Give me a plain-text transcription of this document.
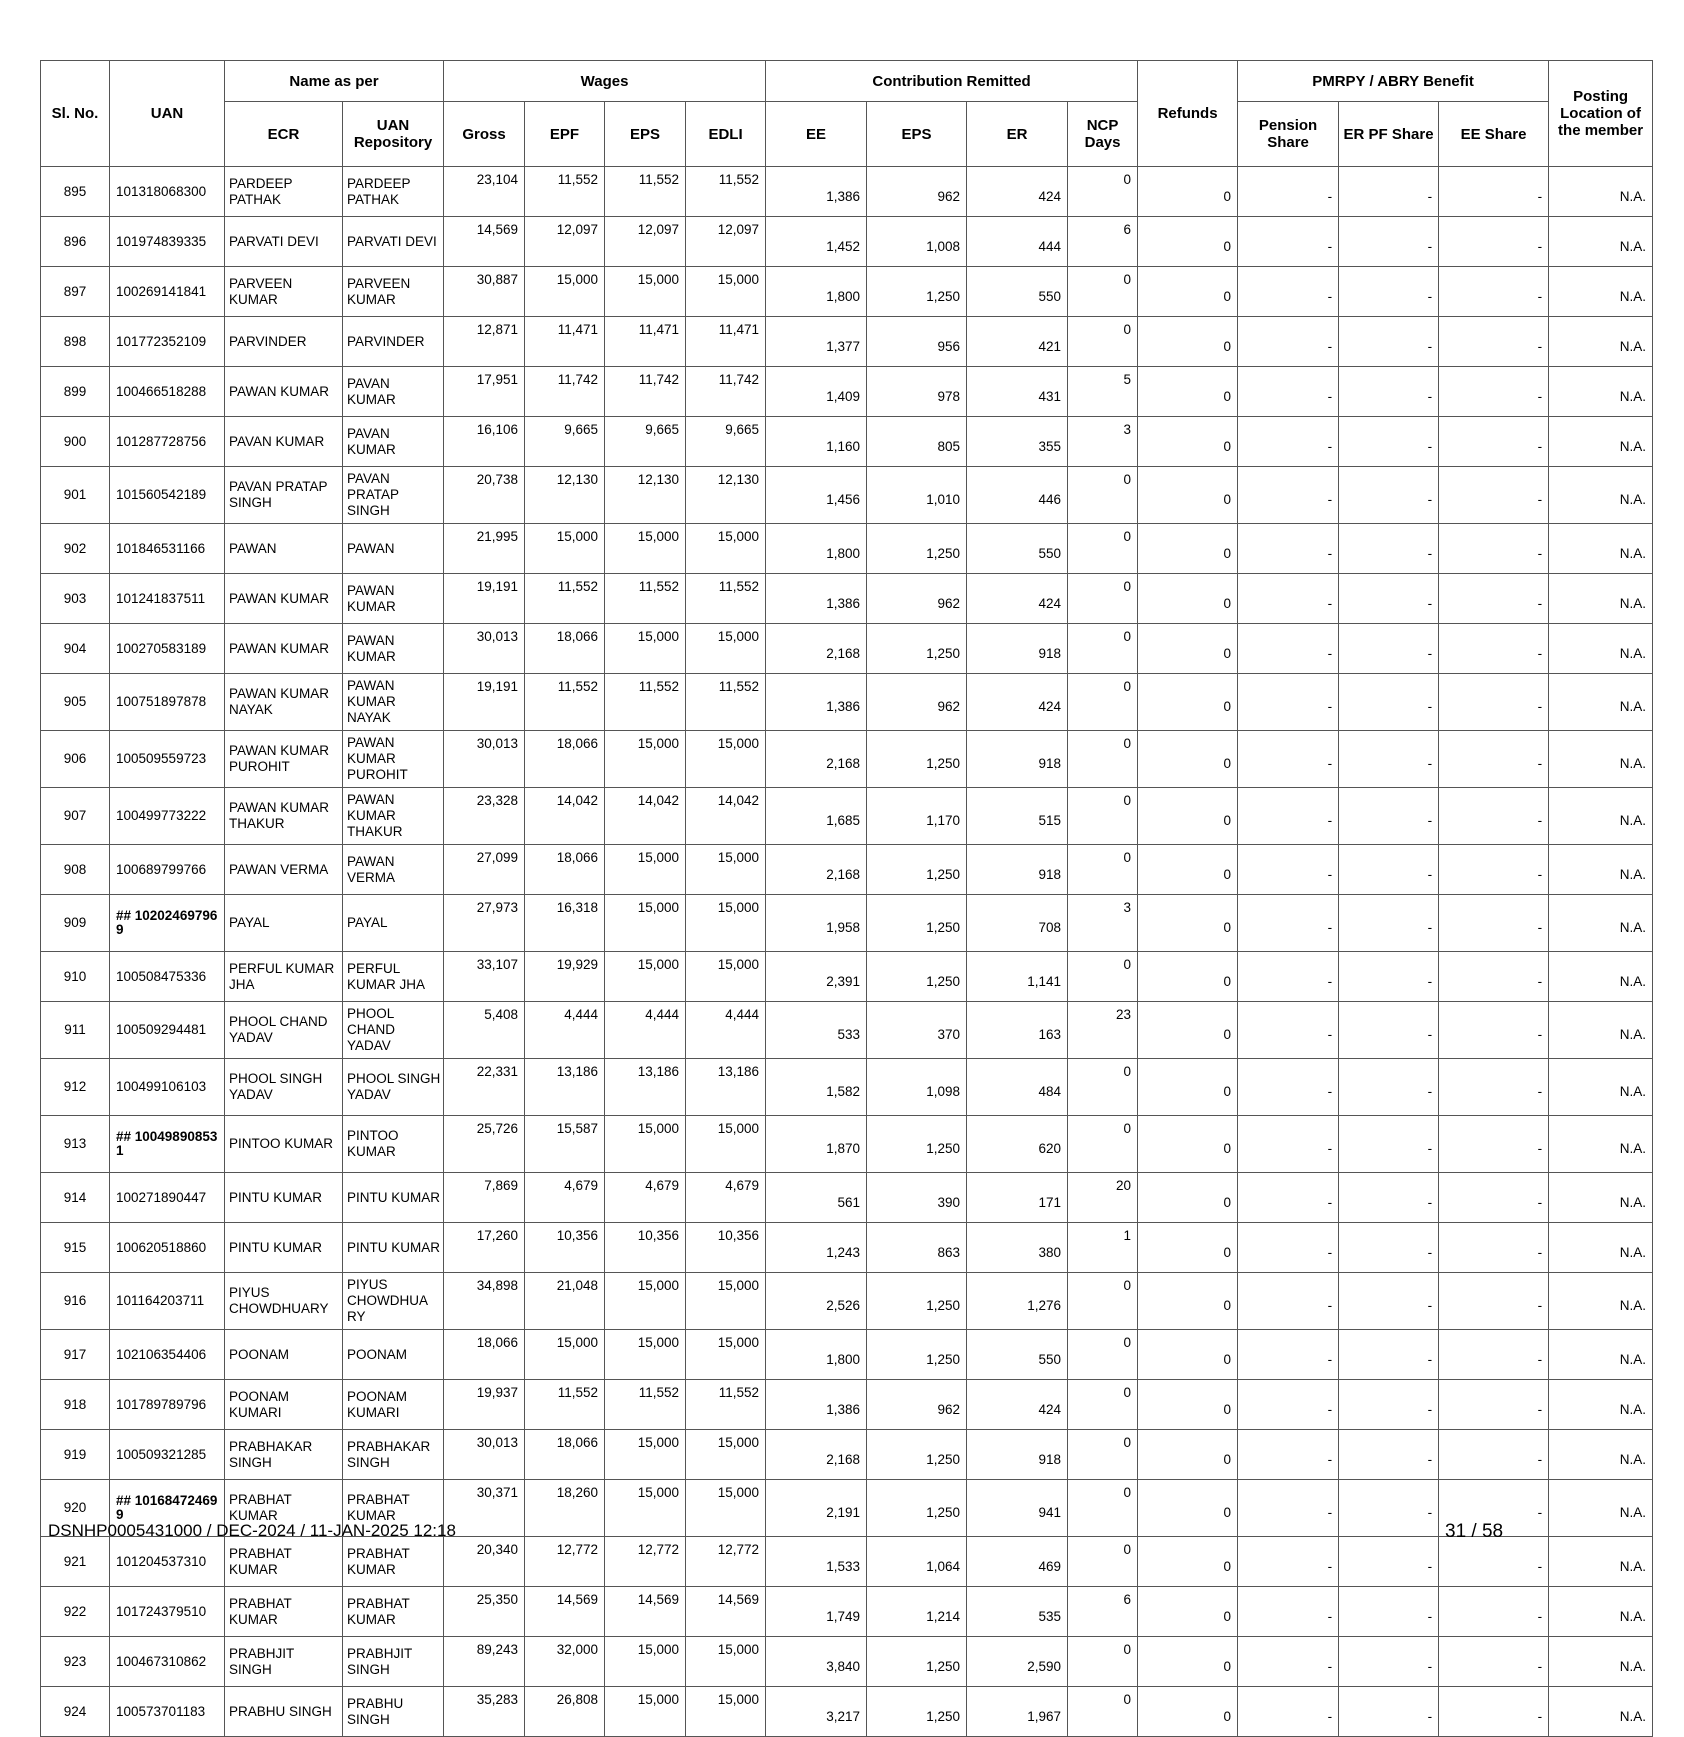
Sl. No.	UAN	Name as per		Wages				Contribution Remitted				Refunds	PMRPY / ABRY Benefit			Posting Location of the member
		ECR	UAN Repository	Gross	EPF	EPS	EDLI	EE	EPS	ER	NCP Days		Pension Share	ER PF Share	EE Share	
895	101318068300	PARDEEP PATHAK	PARDEEP PATHAK	23,104	11,552	11,552	11,552	1,386	962	424	0	0	-	-	-	N.A.
896	101974839335	PARVATI DEVI	PARVATI DEVI	14,569	12,097	12,097	12,097	1,452	1,008	444	6	0	-	-	-	N.A.
897	100269141841	PARVEEN KUMAR	PARVEEN KUMAR	30,887	15,000	15,000	15,000	1,800	1,250	550	0	0	-	-	-	N.A.
898	101772352109	PARVINDER	PARVINDER	12,871	11,471	11,471	11,471	1,377	956	421	0	0	-	-	-	N.A.
899	100466518288	PAWAN KUMAR	PAVAN KUMAR	17,951	11,742	11,742	11,742	1,409	978	431	5	0	-	-	-	N.A.
900	101287728756	PAVAN KUMAR	PAVAN KUMAR	16,106	9,665	9,665	9,665	1,160	805	355	3	0	-	-	-	N.A.
901	101560542189	PAVAN PRATAP SINGH	PAVAN PRATAP SINGH	20,738	12,130	12,130	12,130	1,456	1,010	446	0	0	-	-	-	N.A.
902	101846531166	PAWAN	PAWAN	21,995	15,000	15,000	15,000	1,800	1,250	550	0	0	-	-	-	N.A.
903	101241837511	PAWAN KUMAR	PAWAN KUMAR	19,191	11,552	11,552	11,552	1,386	962	424	0	0	-	-	-	N.A.
904	100270583189	PAWAN KUMAR	PAWAN KUMAR	30,013	18,066	15,000	15,000	2,168	1,250	918	0	0	-	-	-	N.A.
905	100751897878	PAWAN KUMAR NAYAK	PAWAN KUMAR NAYAK	19,191	11,552	11,552	11,552	1,386	962	424	0	0	-	-	-	N.A.
906	100509559723	PAWAN KUMAR PUROHIT	PAWAN KUMAR PUROHIT	30,013	18,066	15,000	15,000	2,168	1,250	918	0	0	-	-	-	N.A.
907	100499773222	PAWAN KUMAR THAKUR	PAWAN KUMAR THAKUR	23,328	14,042	14,042	14,042	1,685	1,170	515	0	0	-	-	-	N.A.
908	100689799766	PAWAN VERMA	PAWAN VERMA	27,099	18,066	15,000	15,000	2,168	1,250	918	0	0	-	-	-	N.A.
909	## 10202469796 9	PAYAL	PAYAL	27,973	16,318	15,000	15,000	1,958	1,250	708	3	0	-	-	-	N.A.
910	100508475336	PERFUL KUMAR JHA	PERFUL KUMAR JHA	33,107	19,929	15,000	15,000	2,391	1,250	1,141	0	0	-	-	-	N.A.
911	100509294481	PHOOL CHAND YADAV	PHOOL CHAND YADAV	5,408	4,444	4,444	4,444	533	370	163	23	0	-	-	-	N.A.
912	100499106103	PHOOL SINGH YADAV	PHOOL SINGH YADAV	22,331	13,186	13,186	13,186	1,582	1,098	484	0	0	-	-	-	N.A.
913	## 10049890853 1	PINTOO KUMAR	PINTOO KUMAR	25,726	15,587	15,000	15,000	1,870	1,250	620	0	0	-	-	-	N.A.
914	100271890447	PINTU KUMAR	PINTU KUMAR	7,869	4,679	4,679	4,679	561	390	171	20	0	-	-	-	N.A.
915	100620518860	PINTU KUMAR	PINTU KUMAR	17,260	10,356	10,356	10,356	1,243	863	380	1	0	-	-	-	N.A.
916	101164203711	PIYUS CHOWDHUARY	PIYUS CHOWDHUA RY	34,898	21,048	15,000	15,000	2,526	1,250	1,276	0	0	-	-	-	N.A.
917	102106354406	POONAM	POONAM	18,066	15,000	15,000	15,000	1,800	1,250	550	0	0	-	-	-	N.A.
918	101789789796	POONAM KUMARI	POONAM KUMARI	19,937	11,552	11,552	11,552	1,386	962	424	0	0	-	-	-	N.A.
919	100509321285	PRABHAKAR SINGH	PRABHAKAR SINGH	30,013	18,066	15,000	15,000	2,168	1,250	918	0	0	-	-	-	N.A.
920	## 10168472469 9	PRABHAT KUMAR	PRABHAT KUMAR	30,371	18,260	15,000	15,000	2,191	1,250	941	0	0	-	-	-	N.A.
921	101204537310	PRABHAT KUMAR	PRABHAT KUMAR	20,340	12,772	12,772	12,772	1,533	1,064	469	0	0	-	-	-	N.A.
922	101724379510	PRABHAT KUMAR	PRABHAT KUMAR	25,350	14,569	14,569	14,569	1,749	1,214	535	6	0	-	-	-	N.A.
923	100467310862	PRABHJIT SINGH	PRABHJIT SINGH	89,243	32,000	15,000	15,000	3,840	1,250	2,590	0	0	-	-	-	N.A.
924	100573701183	PRABHU SINGH	PRABHU SINGH	35,283	26,808	15,000	15,000	3,217	1,250	1,967	0	0	-	-	-	N.A.
DSNHP0005431000 / DEC-2024 / 11-JAN-2025 12:18	31 / 58
